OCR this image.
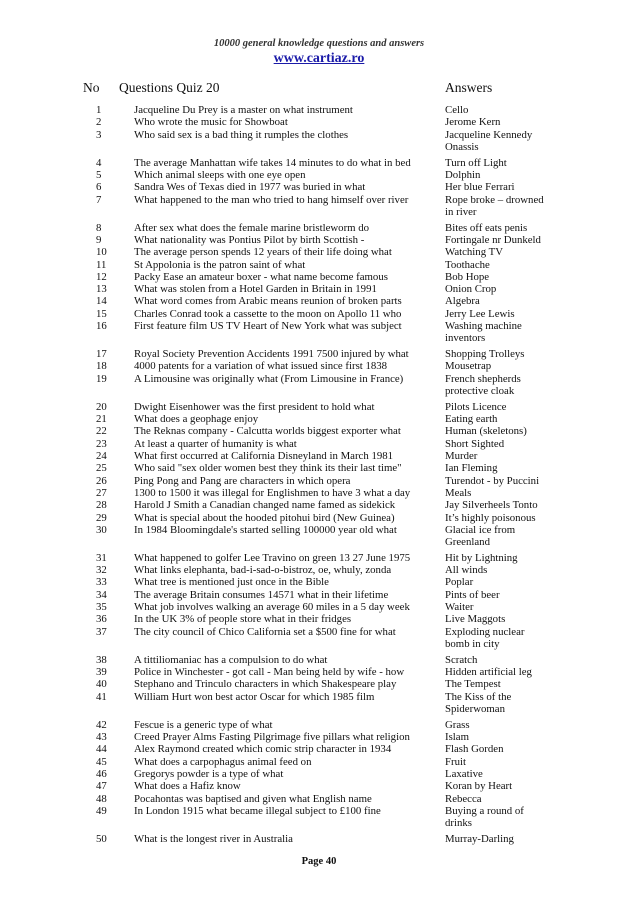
10000 general knowledge questions and answers
www.cartiaz.ro
No Questions Quiz 20	Answers
1	Jacqueline Du Prey is a master on what instrument	Cello
2	Who wrote the music for Showboat	Jerome Kern
3	Who said sex is a bad thing it rumples the clothes	Jacqueline Kennedy Onassis
4	The average Manhattan wife takes 14 minutes to do what in bed	Turn off Light
5	Which animal sleeps with one eye open	Dolphin
6	Sandra Wes of Texas died in 1977 was buried in what	Her blue Ferrari
7	What happened to the man who tried to hang himself over river	Rope broke – drowned in river
8	After sex what does the female marine bristleworm do	Bites off eats penis
9	What nationality was Pontius Pilot by birth Scottish -	Fortingale nr Dunkeld
10	The average person spends 12 years of their life doing what	Watching TV
11	St Appolonia is the patron saint of what	Toothache
12	Packy Ease an amateur boxer - what name become famous	Bob Hope
13	What was stolen from a Hotel Garden in Britain in 1991	Onion Crop
14	What word comes from Arabic means reunion of broken parts	Algebra
15	Charles Conrad took a cassette to the moon on Apollo 11 who	Jerry Lee Lewis
16	First feature film US TV Heart of New York what was subject	Washing machine inventors
17	Royal Society Prevention Accidents 1991 7500 injured by what	Shopping Trolleys
18	4000 patents for a variation of what issued since first 1838	Mousetrap
19	A Limousine was originally what (From Limousine in France)	French shepherds protective cloak
20	Dwight Eisenhower was the first president to hold what	Pilots Licence
21	What does a geophage enjoy	Eating earth
22	The Reknas company - Calcutta worlds biggest exporter what	Human (skeletons)
23	At least a quarter of humanity is what	Short Sighted
24	What first occurred at California Disneyland in March 1981	Murder
25	Who said "sex older women best they think its their last time"	Ian Fleming
26	Ping Pong and Pang are characters in which opera	Turendot - by Puccini
27	1300 to 1500 it was illegal for Englishmen to have 3 what a day	Meals
28	Harold J Smith a Canadian changed name famed as sidekick	Jay Silverheels Tonto
29	What is special about the hooded pitohui bird (New Guinea)	It’s highly poisonous
30	In 1984 Bloomingdale's started selling 100000 year old what	Glacial ice from Greenland
31	What happened to golfer Lee Travino on green 13 27 June 1975	Hit by Lightning
32	What links elephanta, bad-i-sad-o-bistroz, oe, whuly, zonda	All winds
33	What tree is mentioned just once in the Bible	Poplar
34	The average Britain consumes 14571 what in their lifetime	Pints of beer
35	What job involves walking an average 60 miles in a 5 day week	Waiter
36	In the UK 3% of people store what in their fridges	Live Maggots
37	The city council of Chico California set a $500 fine for what	Exploding nuclear bomb in city
38	A tittiliomaniac has a compulsion to do what	Scratch
39	Police in Winchester - got call - Man being held by wife - how	Hidden artificial leg
40	Stephano and Trinculo characters in which Shakespeare play	The Tempest
41	William Hurt won best actor Oscar for which 1985 film	The Kiss of the Spiderwoman
42	Fescue is a generic type of what	Grass
43	Creed Prayer Alms Fasting Pilgrimage five pillars what religion	Islam
44	Alex Raymond created which comic strip character in 1934	Flash Gorden
45	What does a carpophagus animal feed on	Fruit
46	Gregorys powder is a type of what	Laxative
47	What does a Hafiz know	Koran by Heart
48	Pocahontas was baptised and given what English name	Rebecca
49	In London 1915 what became illegal subject to £100 fine	Buying a round of drinks
50	What is the longest river in Australia	Murray-Darling
Page 40
